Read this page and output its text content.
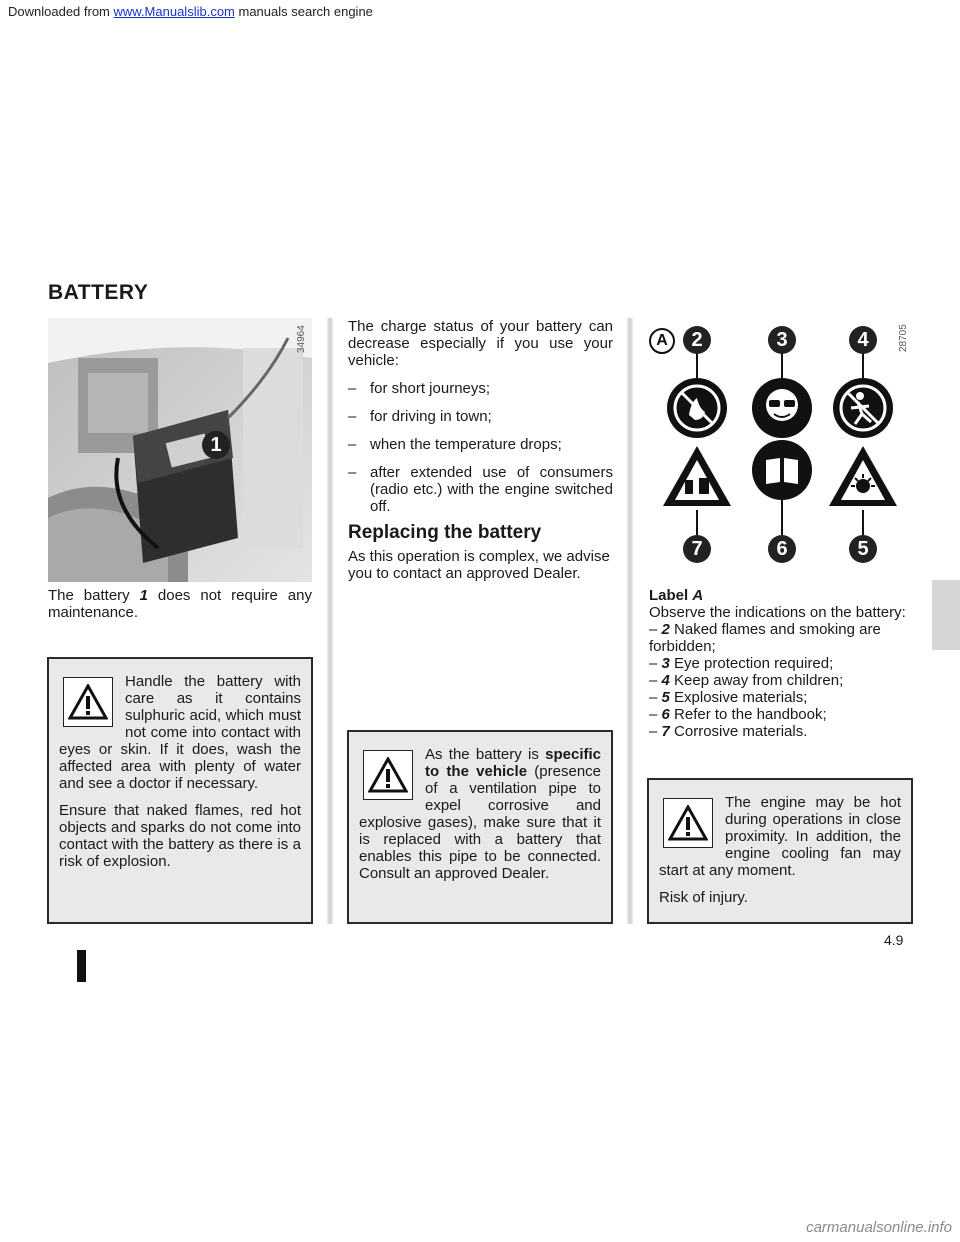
Downloaded from www.Manualslib.com manuals search engine
BATTERY
1
34964
The battery 1 does not require any maintenance.

Handle the battery with care as it contains sulphuric acid, which must not come into contact with eyes or skin. If it does, wash the affected area with plenty of water and see a doctor if necessary.

Ensure that naked flames, red hot objects and sparks do not come into contact with the battery as there is a risk of explosion.

The charge status of your battery can decrease especially if you use your vehicle:
– for short journeys;
– for driving in town;
– when the temperature drops;
– after extended use of consumers (radio etc.) with the engine switched off.
Replacing the battery
As this operation is complex, we advise you to contact an approved Dealer.

As the battery is specific to the vehicle (presence of a ventilation pipe to expel corrosive and explosive gases), make sure that it is replaced with a battery that enables this pipe to be connected. Consult an approved Dealer.

A	2	3	4
7	6	5
28705
Label A
Observe the indications on the battery:
– 2 Naked flames and smoking are forbidden;
– 3 Eye protection required;
– 4 Keep away from children;
– 5 Explosive materials;
– 6 Refer to the handbook;
– 7 Corrosive materials.

The engine may be hot during operations in close proximity. In addition, the engine cooling fan may start at any moment.

Risk of injury.

4.9
carmanualsonline.info
